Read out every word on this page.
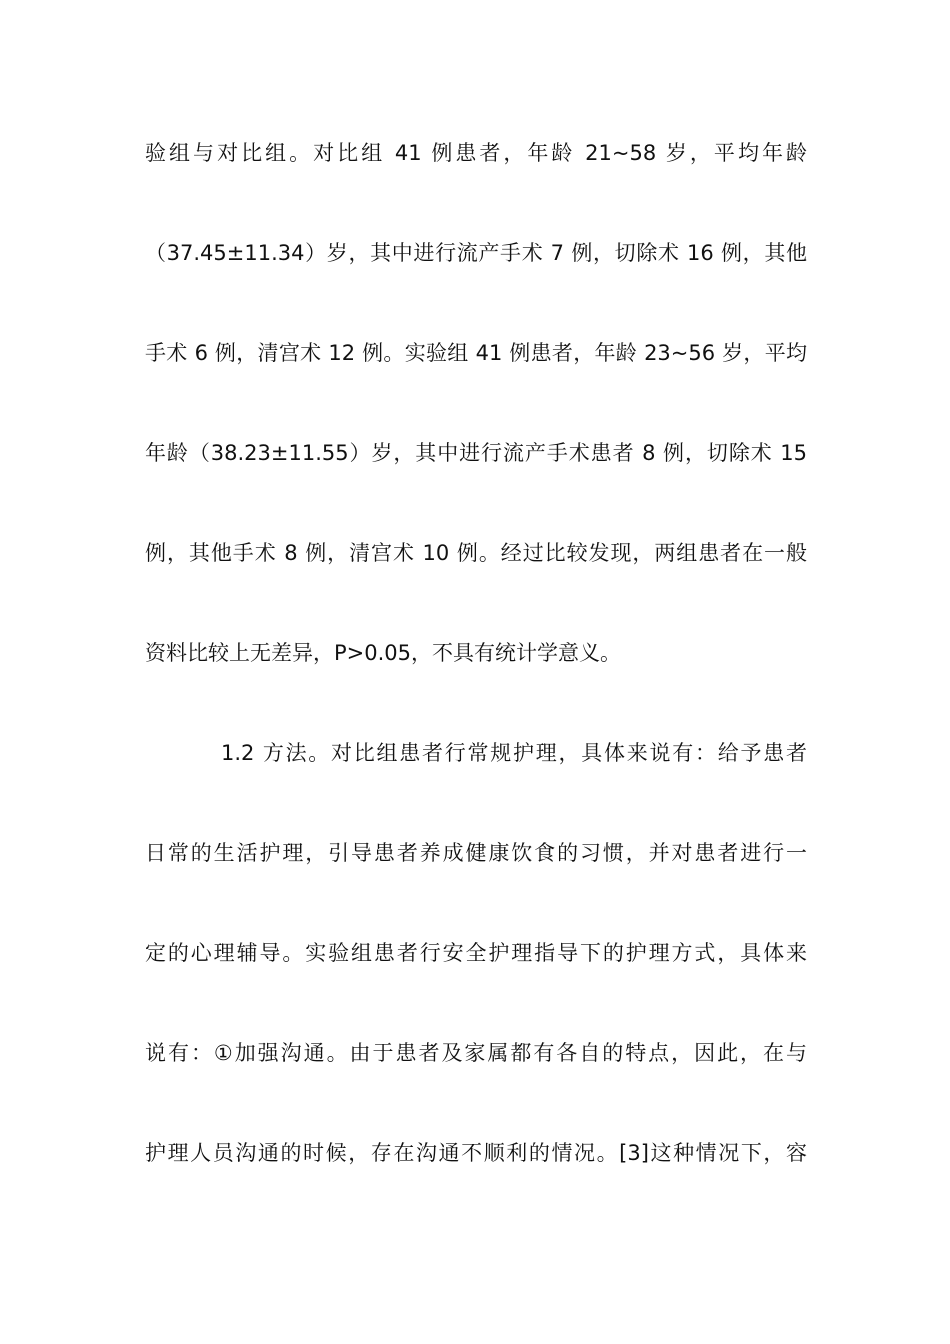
验组与对比组。对比组 41 例患者，年龄 21~58 岁，平均年龄
（37.45±11.34）岁，其中进行流产手术 7 例，切除术 16 例，其他
手术 6 例，清宫术 12 例。实验组 41 例患者，年龄 23~56 岁，平均
年龄（38.23±11.55）岁，其中进行流产手术患者 8 例，切除术 15
例，其他手术 8 例，清宫术 10 例。经过比较发现，两组患者在一般
资料比较上无差异，P>0.05，不具有统计学意义。
1.2 方法。对比组患者行常规护理，具体来说有：给予患者
日常的生活护理，引导患者养成健康饮食的习惯，并对患者进行一
定的心理辅导。实验组患者行安全护理指导下的护理方式，具体来
说有：①加强沟通。由于患者及家属都有各自的特点，因此，在与
护理人员沟通的时候，存在沟通不顺利的情况。[3]这种情况下，容
